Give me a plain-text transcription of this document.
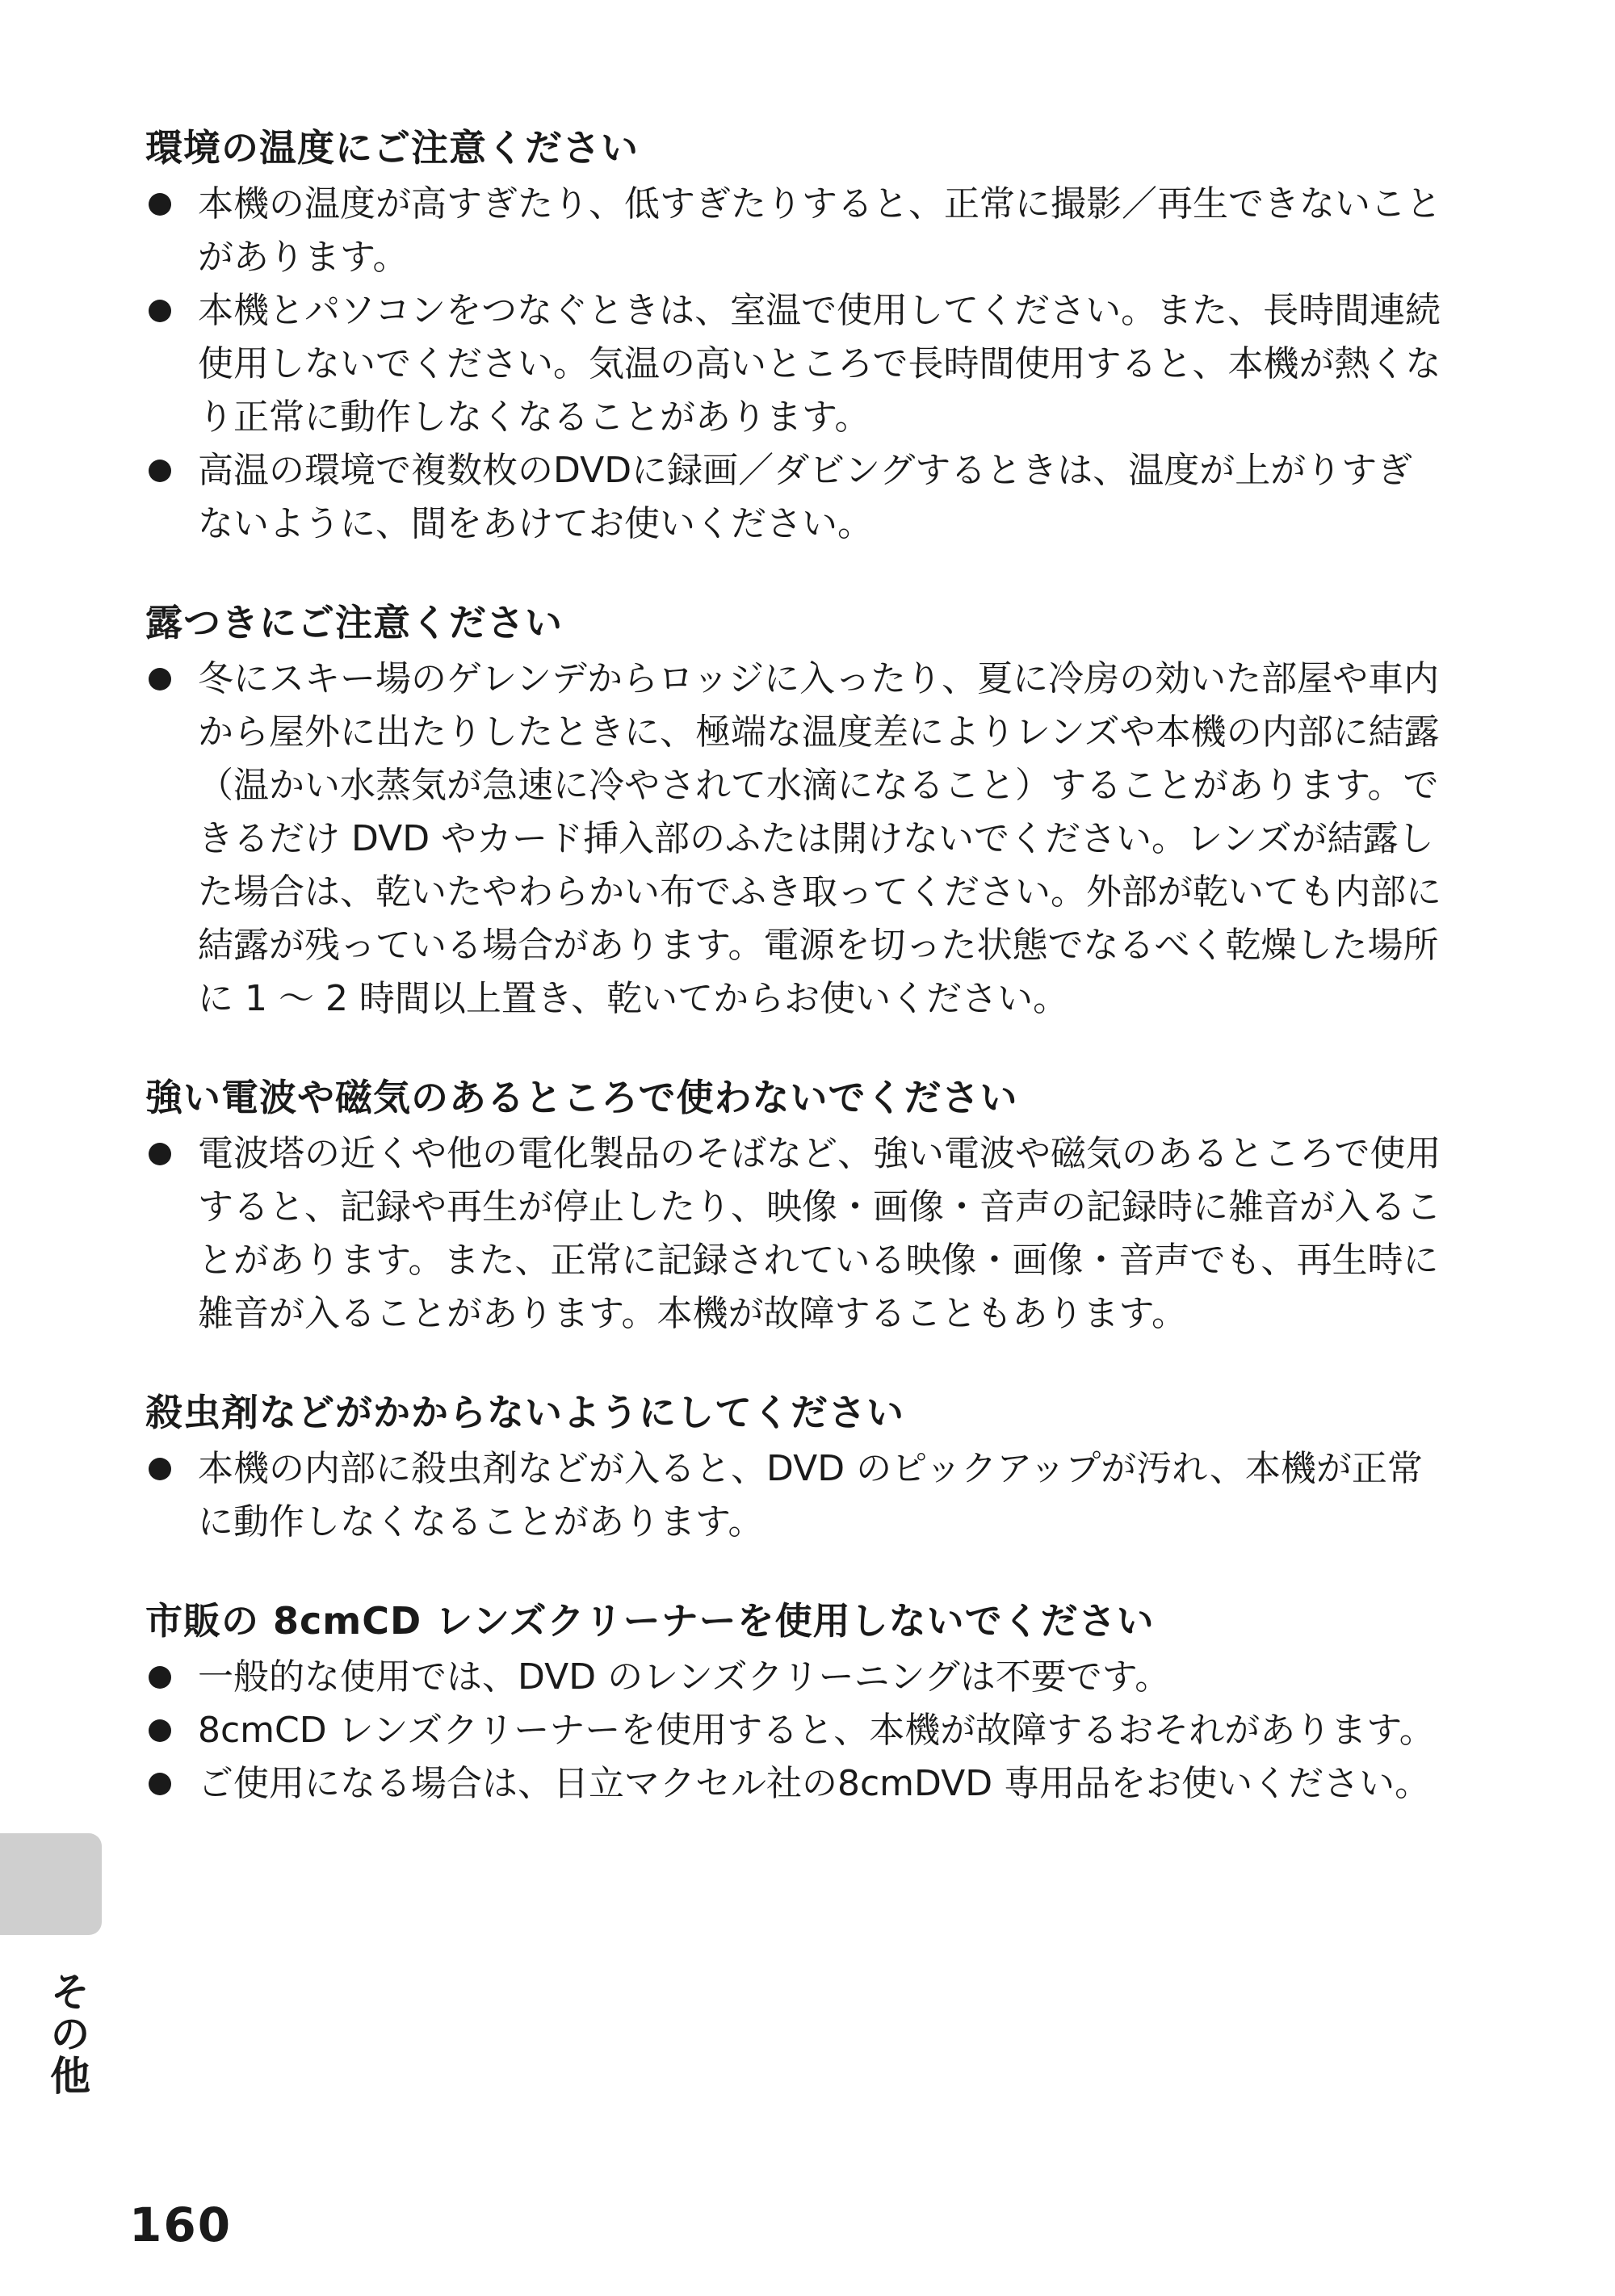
環境の温度にご注意ください
本機の温度が高すぎたり、低すぎたりすると、正常に撮影／再生できないことがあります。
本機とパソコンをつなぐときは、室温で使用してください。また、長時間連続使用しないでください。気温の高いところで長時間使用すると、本機が熱くなり正常に動作しなくなることがあります。
高温の環境で複数枚のDVDに録画／ダビングするときは、温度が上がりすぎないように、間をあけてお使いください。
露つきにご注意ください
冬にスキー場のゲレンデからロッジに入ったり、夏に冷房の効いた部屋や車内から屋外に出たりしたときに、極端な温度差によりレンズや本機の内部に結露（温かい水蒸気が急速に冷やされて水滴になること）することがあります。できるだけ DVD やカード挿入部のふたは開けないでください。レンズが結露した場合は、乾いたやわらかい布でふき取ってください。外部が乾いても内部に結露が残っている場合があります。電源を切った状態でなるべく乾燥した場所に 1 ～ 2 時間以上置き、乾いてからお使いください。
強い電波や磁気のあるところで使わないでください
電波塔の近くや他の電化製品のそばなど、強い電波や磁気のあるところで使用すると、記録や再生が停止したり、映像・画像・音声の記録時に雑音が入ることがあります。また、正常に記録されている映像・画像・音声でも、再生時に雑音が入ることがあります。本機が故障することもあります。
殺虫剤などがかからないようにしてください
本機の内部に殺虫剤などが入ると、DVD のピックアップが汚れ、本機が正常に動作しなくなることがあります。
市販の 8cmCD レンズクリーナーを使用しないでください
一般的な使用では、DVD のレンズクリーニングは不要です。
8cmCD レンズクリーナーを使用すると、本機が故障するおそれがあります。
ご使用になる場合は、日立マクセル社の8cmDVD 専用品をお使いください。
その他
160
